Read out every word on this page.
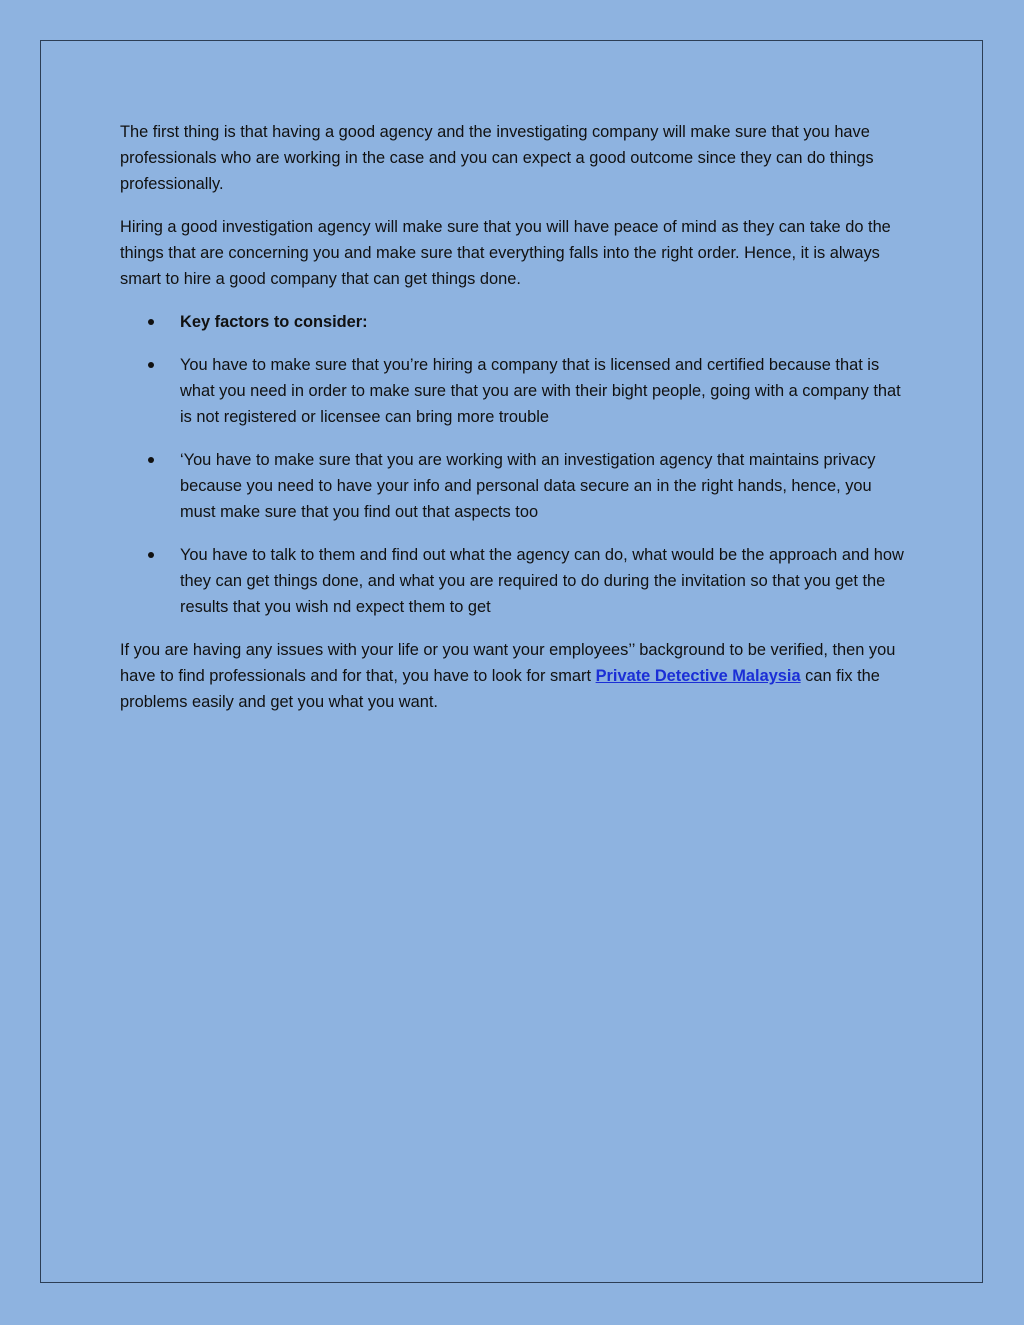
The first thing is that having a good agency and the investigating company will make sure that you have professionals who are working in the case and you can expect a good outcome since they can do things professionally.

Hiring a good investigation agency will make sure that you will have peace of mind as they can take do the things that are concerning you and make sure that everything falls into the right order. Hence, it is always smart to hire a good company that can get things done.

Key factors to consider:
You have to make sure that you’re hiring a company that is licensed and certified because that is what you need in order to make sure that you are with their bight people, going with a company that is not registered or licensee can bring more trouble
‘You have to make sure that you are working with an investigation agency that maintains privacy because you need to have your info and personal data secure an in the right hands, hence, you must make sure that you find out that aspects too
You have to talk to them and find out what the agency can do, what would be the approach and how they can get things done, and what you are required to do during the invitation so that you get the results that you wish nd expect them to get

If you are having any issues with your life or you want your employees’’ background to be verified, then you have to find professionals and for that, you have to look for smart Private Detective Malaysia can fix the problems easily and get you what you want.
